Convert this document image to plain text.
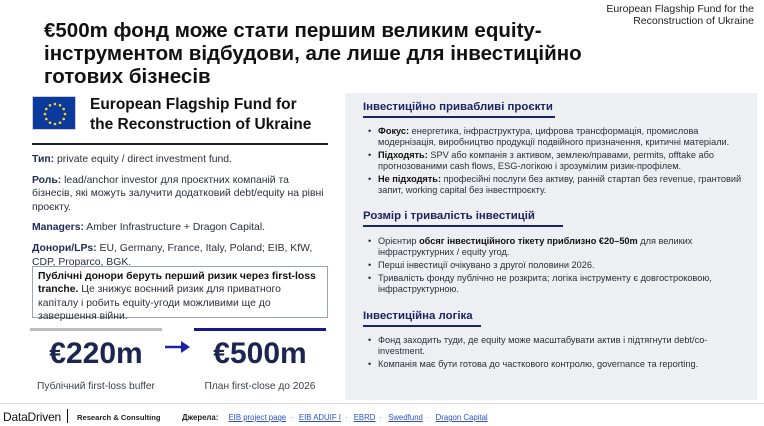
European Flagship Fund for the
Reconstruction of Ukraine
€500m фонд може стати першим великим equity-інструментом відбудови, але лише для інвестиційно готових бізнесів
European Flagship Fund for
the Reconstruction of Ukraine
Тип: private equity / direct investment fund.
Роль: lead/anchor investor для проєктних компаній та бізнесів, які можуть залучити додатковий debt/equity на рівні проєкту.
Managers: Amber Infrastructure + Dragon Capital.
Донори/LPs: EU, Germany, France, Italy, Poland; EIB, KfW, CDP, Proparco, BGK.
Публічні донори беруть перший ризик через first-loss tranche. Це знижує воєнний ризик для приватного капіталу і робить equity-угоди можливими ще до завершення війни.
€220m
Публічний first-loss buffer
€500m
План first-close до 2026
Інвестиційно привабливі проєкти
• Фокус: енергетика, інфраструктура, цифрова трансформація, промислова модернізація, виробництво продукції подвійного призначення, критичні матеріали.
• Підходять: SPV або компанія з активом, землею/правами, permits, offtake або прогнозованими cash flows, ESG-логікою і зрозумілим ризик-профілем.
• Не підходять: професійні послуги без активу, ранній стартап без revenue, грантовий запит, working capital без інвестпроєкту.
Розмір і тривалість інвестицій
• Орієнтир обсяг інвестиційного тікету приблизно €20–50m для великих інфраструктурних / equity угод.
• Перші інвестиції очікувано з другої половини 2026.
• Тривалість фонду публічно не розкрита; логіка інструменту є довгостроковою, інфраструктурною.
Інвестиційна логіка
• Фонд заходить туди, де equity може масштабувати актив і підтягнути debt/co-investment.
• Компанія має бути готова до часткового контролю, governance та reporting.
DataDriven Research & Consulting	Джерела: EIB project page · EIB ADUIF I · EBRD · Swedfund · Dragon Capital
